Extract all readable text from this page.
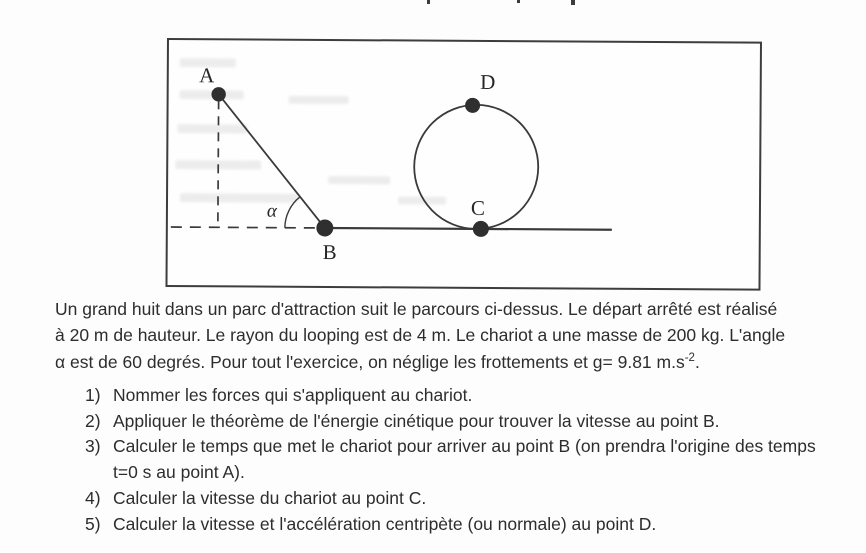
A
B
C
D
α
Un grand huit dans un parc d'attraction suit le parcours ci-dessus. Le départ arrêté est réalisé
à 20 m de hauteur. Le rayon du looping est de 4 m. Le chariot a une masse de 200 kg. L'angle
α est de 60 degrés. Pour tout l'exercice, on néglige les frottements et g= 9.81 $m.s^{-2}$.
1) Nommer les forces qui s'appliquent au chariot.
2) Appliquer le théorème de l'énergie cinétique pour trouver la vitesse au point B.
3) Calculer le temps que met le chariot pour arriver au point B (on prendra l'origine des temps t=0 s au point A).
4) Calculer la vitesse du chariot au point C.
5) Calculer la vitesse et l'accélération centripète (ou normale) au point D.
